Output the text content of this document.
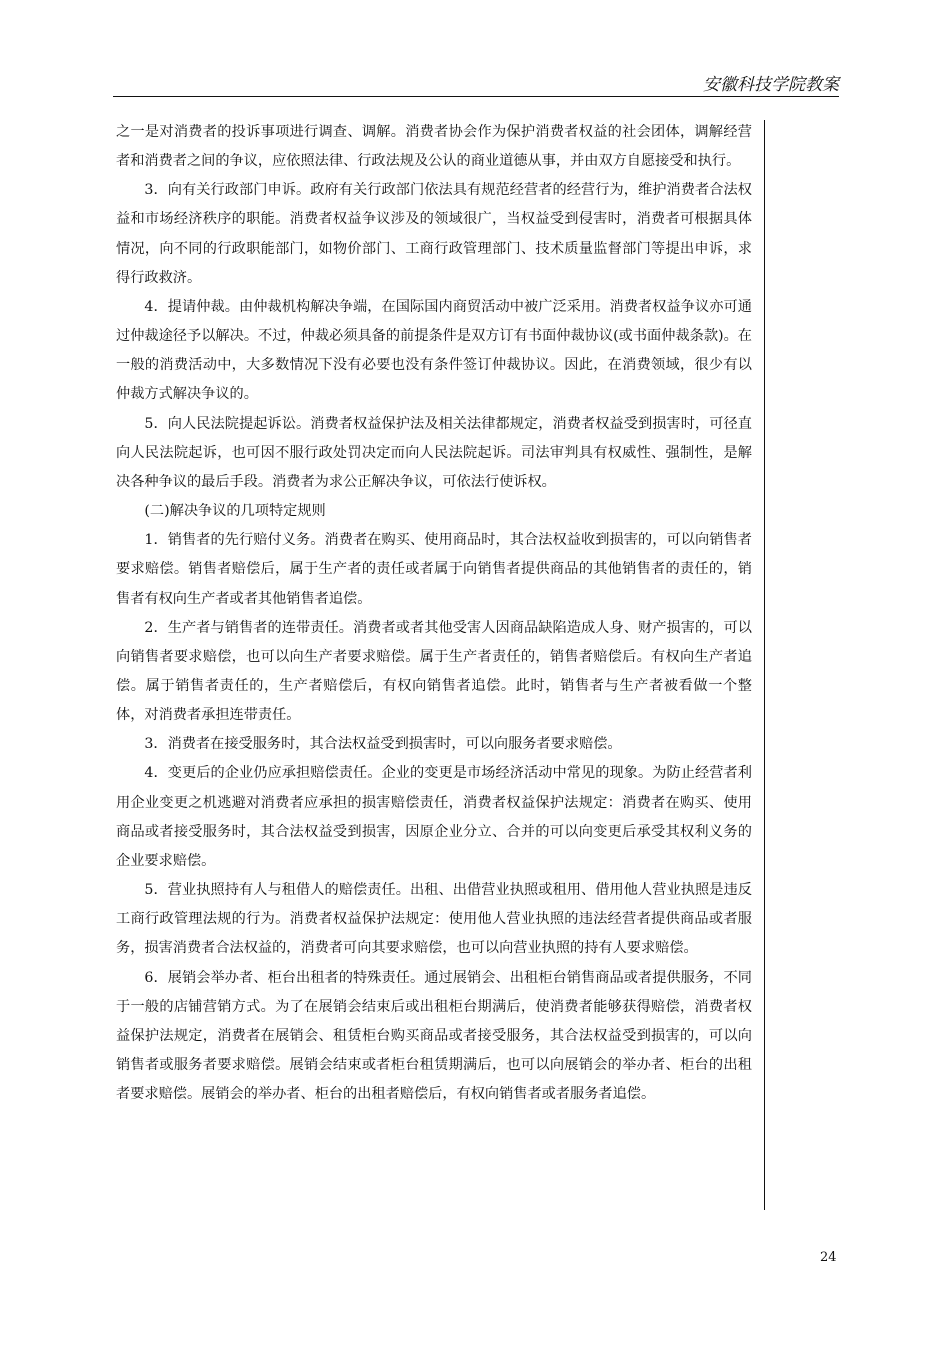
安徽科技学院教案

之一是对消费者的投诉事项进行调查、调解。消费者协会作为保护消费者权益的社会团体，调解经营者和消费者之间的争议，应依照法律、行政法规及公认的商业道德从事，并由双方自愿接受和执行。

3．向有关行政部门申诉。政府有关行政部门依法具有规范经营者的经营行为，维护消费者合法权益和市场经济秩序的职能。消费者权益争议涉及的领域很广，当权益受到侵害时，消费者可根据具体情况，向不同的行政职能部门，如物价部门、工商行政管理部门、技术质量监督部门等提出申诉，求得行政救济。

4．提请仲裁。由仲裁机构解决争端，在国际国内商贸活动中被广泛采用。消费者权益争议亦可通过仲裁途径予以解决。不过，仲裁必须具备的前提条件是双方订有书面仲裁协议(或书面仲裁条款)。在一般的消费活动中，大多数情况下没有必要也没有条件签订仲裁协议。因此，在消费领域，很少有以仲裁方式解决争议的。

5．向人民法院提起诉讼。消费者权益保护法及相关法律都规定，消费者权益受到损害时，可径直向人民法院起诉，也可因不服行政处罚决定而向人民法院起诉。司法审判具有权威性、强制性，是解决各种争议的最后手段。消费者为求公正解决争议，可依法行使诉权。

(二)解决争议的几项特定规则

1．销售者的先行赔付义务。消费者在购买、使用商品时，其合法权益收到损害的，可以向销售者要求赔偿。销售者赔偿后，属于生产者的责任或者属于向销售者提供商品的其他销售者的责任的，销售者有权向生产者或者其他销售者追偿。

2．生产者与销售者的连带责任。消费者或者其他受害人因商品缺陷造成人身、财产损害的，可以向销售者要求赔偿，也可以向生产者要求赔偿。属于生产者责任的，销售者赔偿后。有权向生产者追偿。属于销售者责任的，生产者赔偿后，有权向销售者追偿。此时，销售者与生产者被看做一个整体，对消费者承担连带责任。

3．消费者在接受服务时，其合法权益受到损害时，可以向服务者要求赔偿。

4．变更后的企业仍应承担赔偿责任。企业的变更是市场经济活动中常见的现象。为防止经营者利用企业变更之机逃避对消费者应承担的损害赔偿责任，消费者权益保护法规定：消费者在购买、使用商品或者接受服务时，其合法权益受到损害，因原企业分立、合并的可以向变更后承受其权利义务的企业要求赔偿。

5．营业执照持有人与租借人的赔偿责任。出租、出借营业执照或租用、借用他人营业执照是违反工商行政管理法规的行为。消费者权益保护法规定：使用他人营业执照的违法经营者提供商品或者服务，损害消费者合法权益的，消费者可向其要求赔偿，也可以向营业执照的持有人要求赔偿。

6．展销会举办者、柜台出租者的特殊责任。通过展销会、出租柜台销售商品或者提供服务，不同于一般的店铺营销方式。为了在展销会结束后或出租柜台期满后，使消费者能够获得赔偿，消费者权益保护法规定，消费者在展销会、租赁柜台购买商品或者接受服务，其合法权益受到损害的，可以向销售者或服务者要求赔偿。展销会结束或者柜台租赁期满后，也可以向展销会的举办者、柜台的出租者要求赔偿。展销会的举办者、柜台的出租者赔偿后，有权向销售者或者服务者追偿。

24
